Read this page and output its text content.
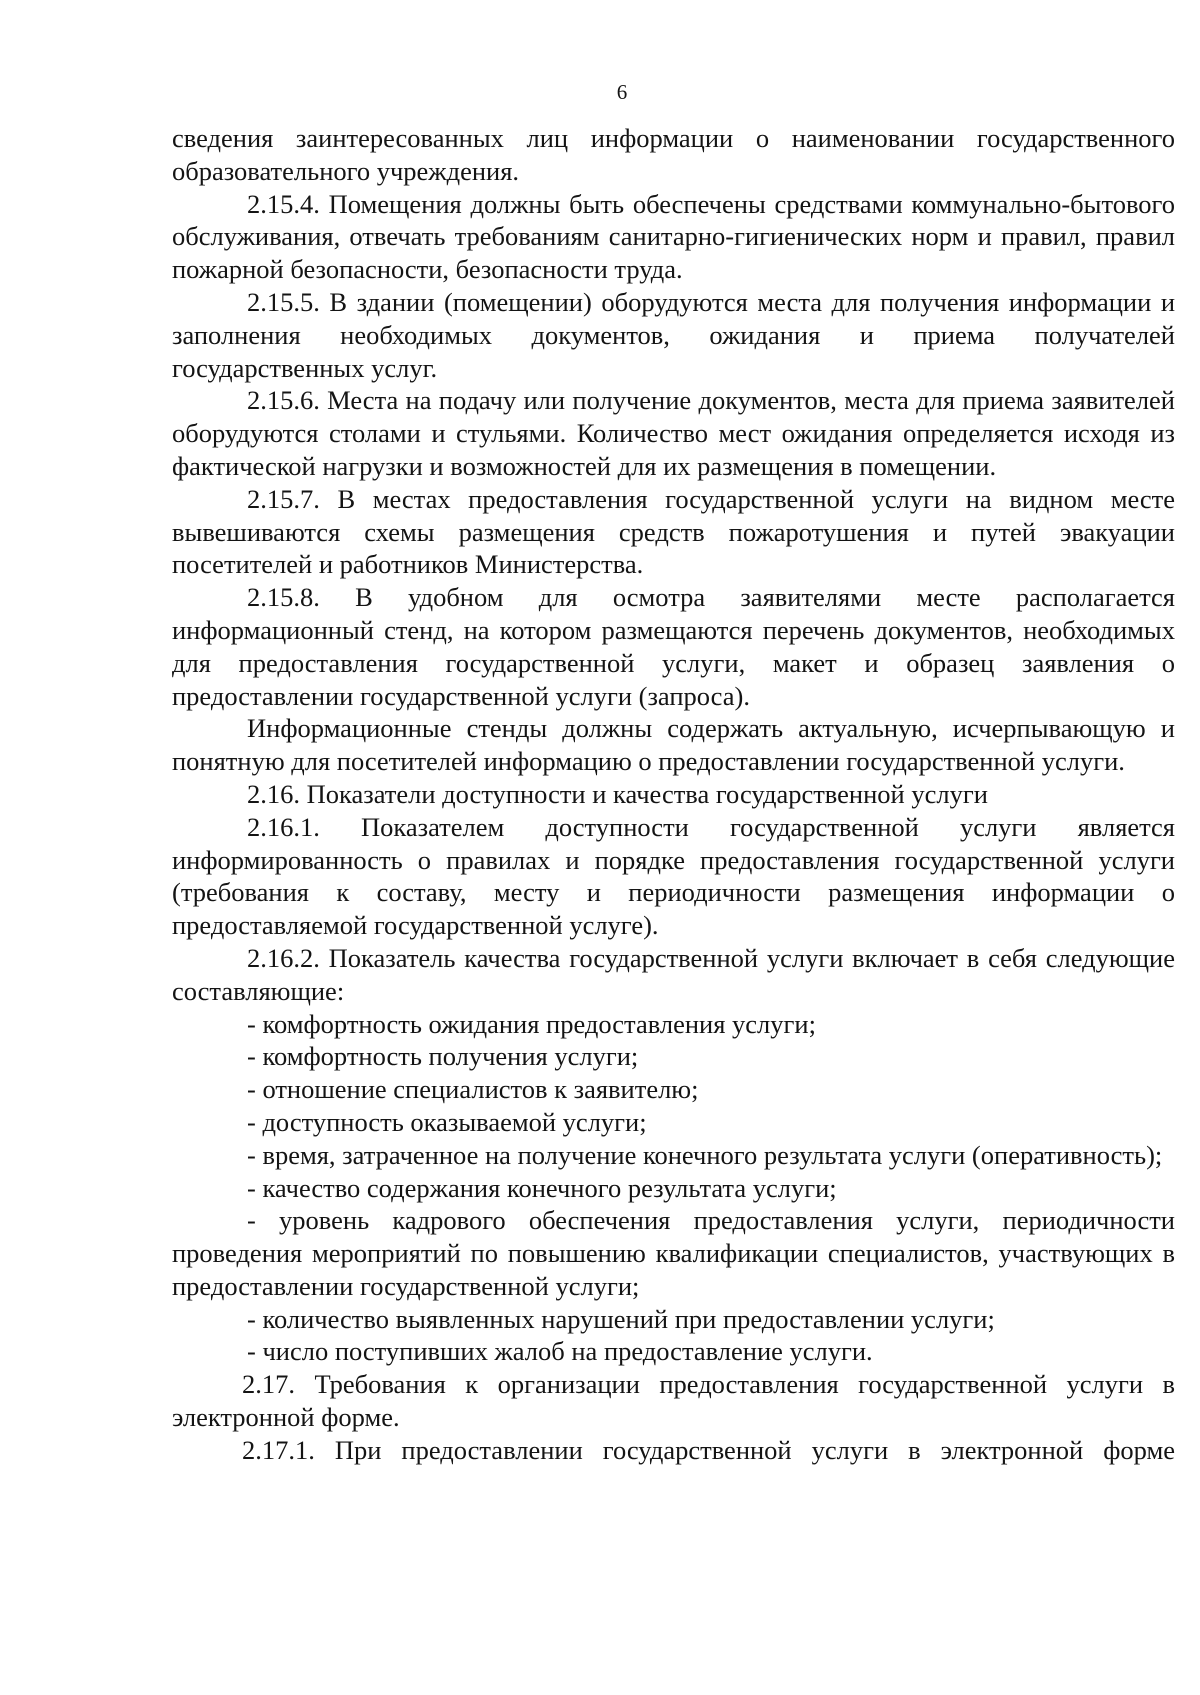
6

сведения заинтересованных лиц информации о наименовании государственного образовательного учреждения.

2.15.4. Помещения должны быть обеспечены средствами коммунально-бытового обслуживания, отвечать требованиям санитарно-гигиенических норм и правил, правил пожарной безопасности, безопасности труда.

2.15.5. В здании (помещении) оборудуются места для получения информации и заполнения необходимых документов, ожидания и приема получателей государственных услуг.

2.15.6. Места на подачу или получение документов, места для приема заявителей оборудуются столами и стульями. Количество мест ожидания определяется исходя из фактической нагрузки и возможностей для их размещения в помещении.

2.15.7. В местах предоставления государственной услуги на видном месте вывешиваются схемы размещения средств пожаротушения и путей эвакуации посетителей и работников Министерства.

2.15.8. В удобном для осмотра заявителями месте располагается информационный стенд, на котором размещаются перечень документов, необходимых для предоставления государственной услуги, макет и образец заявления о предоставлении государственной услуги (запроса).

Информационные стенды должны содержать актуальную, исчерпывающую и понятную для посетителей информацию о предоставлении государственной услуги.

2.16. Показатели доступности и качества государственной услуги

2.16.1. Показателем доступности государственной услуги является информированность о правилах и порядке предоставления государственной услуги (требования к составу, месту и периодичности размещения информации о предоставляемой государственной услуге).

2.16.2. Показатель качества государственной услуги включает в себя следующие составляющие:

- комфортность ожидания предоставления услуги;

- комфортность получения услуги;

- отношение специалистов к заявителю;

- доступность оказываемой услуги;

- время, затраченное на получение конечного результата услуги (оперативность);

- качество содержания конечного результата услуги;

- уровень кадрового обеспечения предоставления услуги, периодичности проведения мероприятий по повышению квалификации специалистов, участвующих в предоставлении государственной услуги;

- количество выявленных нарушений при предоставлении услуги;

- число поступивших жалоб на предоставление услуги.

2.17. Требования к организации предоставления государственной услуги в электронной форме.

2.17.1. При предоставлении государственной услуги в электронной форме
